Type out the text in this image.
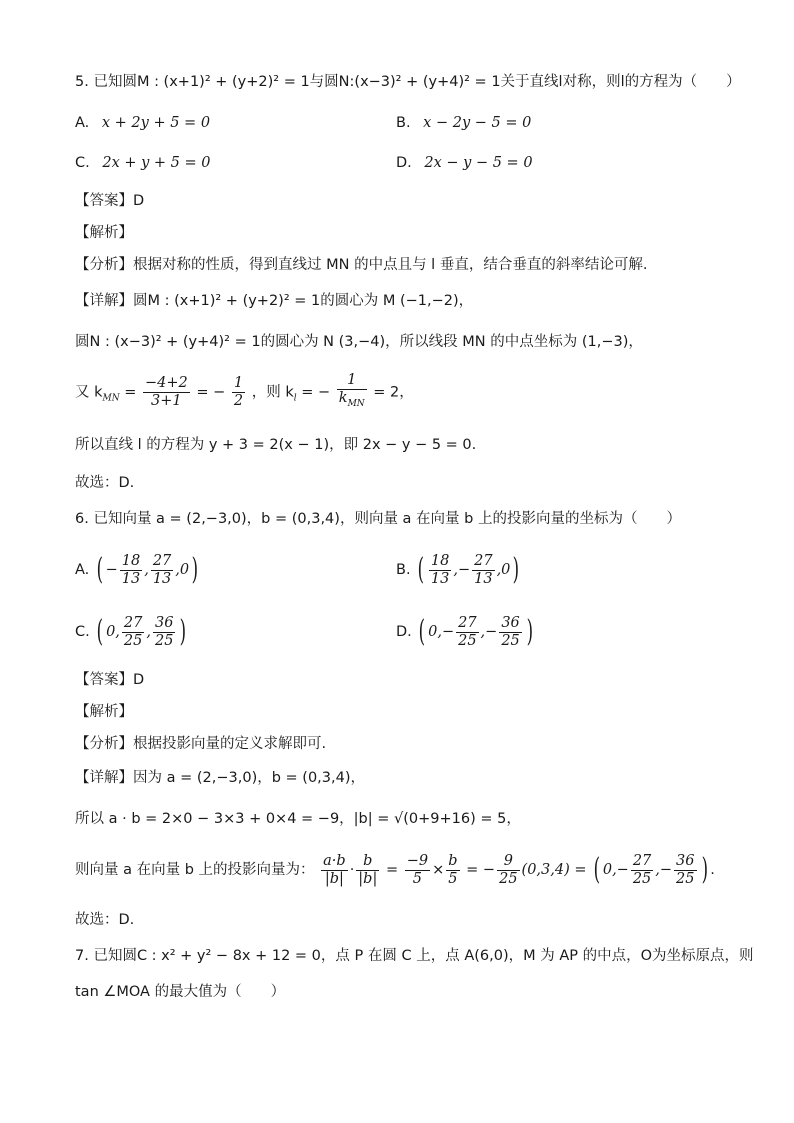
5. 已知圆M : (x+1)² + (y+2)² = 1与圆N:(x−3)² + (y+4)² = 1关于直线l对称，则l的方程为（　　）
A. x + 2y + 5 = 0	B. x − 2y − 5 = 0
C. 2x + y + 5 = 0	D. 2x − y − 5 = 0
【答案】D
【解析】
【分析】根据对称的性质，得到直线过 MN 的中点且与 l 垂直，结合垂直的斜率结论可解.
【详解】圆M : (x+1)² + (y+2)² = 1的圆心为 M (−1,−2)，
圆N : (x−3)² + (y+4)² = 1的圆心为 N (3,−4)，所以线段 MN 的中点坐标为 (1,−3)，
又 $k_{MN} = \frac{-4+2}{3+1}$ = − $\frac{1}{2}$ ，则 $k_l$ = − $\frac{1}{k_{MN}} = 2$，
所以直线 l 的方程为 y + 3 = 2(x − 1)，即 2x − y − 5 = 0.
故选：D.
6. 已知向量 a = (2,−3,0)，b = (0,3,4)，则向量 a 在向量 b 上的投影向量的坐标为（　　）
A. ( − $\frac{18}{13}$ , $\frac{27}{13} ,0$)	B. ( $\frac{18}{13}$ ,− $\frac{27}{13} ,0$)
C. ( 0, $\frac{27}{25}$ , $\frac{36}{25}$ )	D. ( $0,- \frac{27}{25}$ ,− $\frac{36}{25}$ )
【答案】D
【解析】
【分析】根据投影向量的定义求解即可.
【详解】因为 a = (2,−3,0)，b = (0,3,4)，
所以 a · b = 2×0 − 3×3 + 0×4 = −9，|b| = √(0+9+16) = 5，
则向量 a 在向量 b 上的投影向量为： $\frac{a\cdot b}{|b|} \cdot \frac{b}{|b|} = \frac{-9}{5} \times \frac{b}{5}$ = − $\frac{9}{25} (0,3,4)$ = ( $0,- \frac{27}{25}$ ,− $\frac{36}{25}$ ) .
故选：D.
7. 已知圆C : x² + y² − 8x + 12 = 0，点 P 在圆 C 上，点 A(6,0)，M 为 AP 的中点，O为坐标原点，则
tan ∠MOA 的最大值为（　　）
